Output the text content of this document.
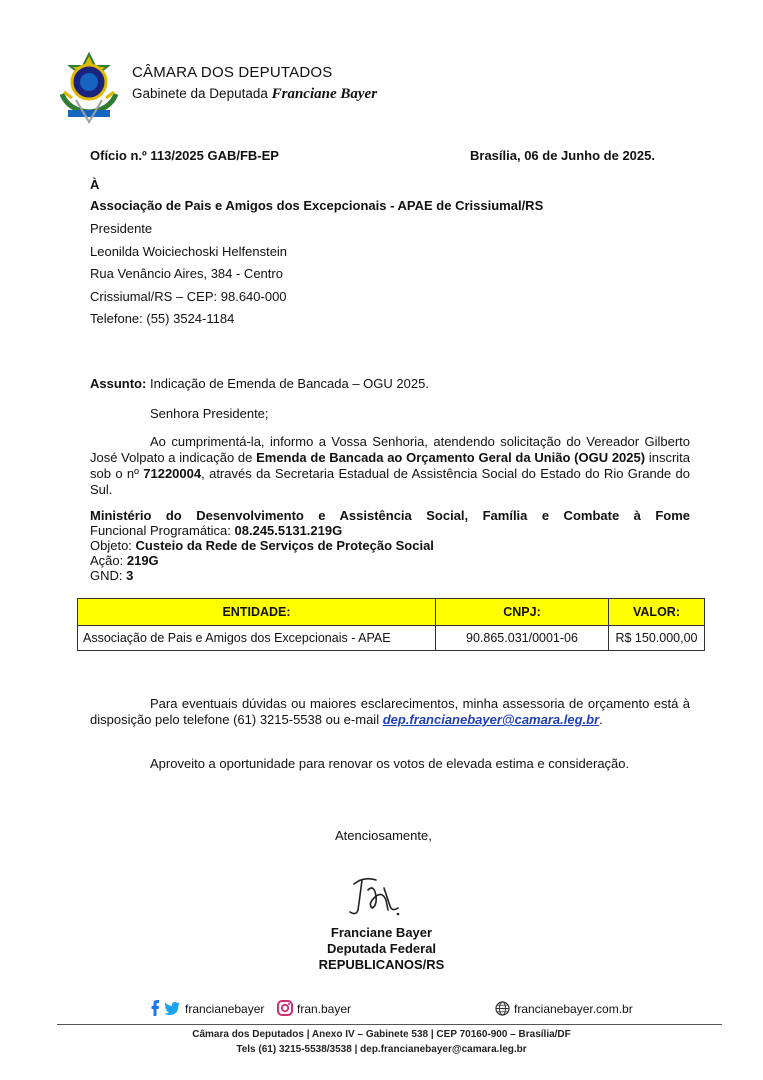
CÂMARA DOS DEPUTADOS
Gabinete da Deputada Franciane Bayer
Ofício n.º 113/2025 GAB/FB-EP	Brasília, 06 de Junho de 2025.
À
Associação de Pais e Amigos dos Excepcionais - APAE de Crissiumal/RS
Presidente
Leonilda Woiciechoski Helfenstein
Rua Venâncio Aires, 384 - Centro
Crissiumal/RS – CEP: 98.640-000
Telefone: (55) 3524-1184
Assunto: Indicação de Emenda de Bancada – OGU 2025.
Senhora Presidente;
Ao cumprimentá-la, informo a Vossa Senhoria, atendendo solicitação do Vereador Gilberto José Volpato a indicação de Emenda de Bancada ao Orçamento Geral da União (OGU 2025) inscrita sob o nº 71220004, através da Secretaria Estadual de Assistência Social do Estado do Rio Grande do Sul.
Ministério do Desenvolvimento e Assistência Social, Família e Combate à Fome
Funcional Programática: 08.245.5131.219G
Objeto: Custeio da Rede de Serviços de Proteção Social
Ação: 219G
GND: 3
ENTIDADE:	CNPJ:	VALOR:
Associação de Pais e Amigos dos Excepcionais - APAE	90.865.031/0001-06	R$ 150.000,00
Para eventuais dúvidas ou maiores esclarecimentos, minha assessoria de orçamento está à disposição pelo telefone (61) 3215-5538 ou e-mail dep.francianebayer@camara.leg.br.
Aproveito a oportunidade para renovar os votos de elevada estima e consideração.
Atenciosamente,
Franciane Bayer
Deputada Federal
REPUBLICANOS/RS
francianebayer	fran.bayer	francianebayer.com.br
Câmara dos Deputados | Anexo IV – Gabinete 538 | CEP 70160-900 – Brasília/DF
Tels (61) 3215-5538/3538 | dep.francianebayer@camara.leg.br
